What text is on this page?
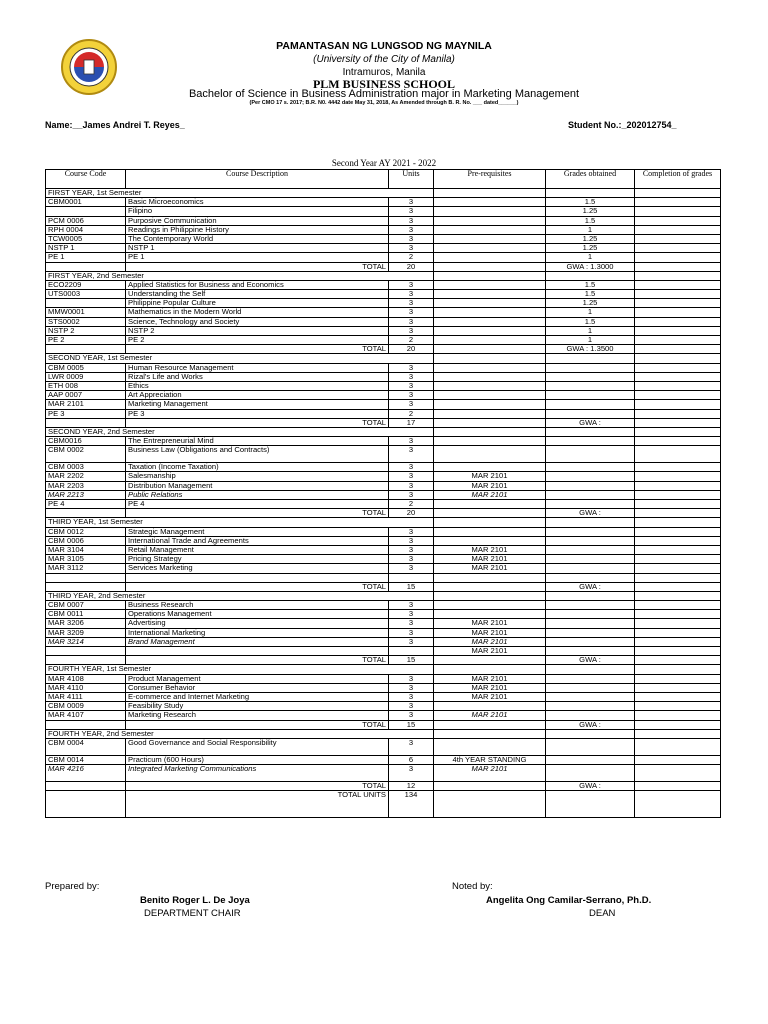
PAMANTASAN NG LUNGSOD NG MAYNILA
(University of the City of Manila)
Intramuros, Manila
PLM BUSINESS SCHOOL
Bachelor of Science in Business Administration major in Marketing Management
(Per CMO 17 s. 2017; B.R. N0. 4442 date May 31, 2018, As Amended through B. R. No. ___ dated______)
Name:__James Andrei T. Reyes_	Student No.:_202012754_
Second Year AY 2021 - 2022
Course Code	Course Description	Units	Pre-requisites	Grades obtained	Completion of grades
FIRST YEAR, 1st Semester					
CBM0001	Basic Microeconomics	3		1.5	
	Filipino	3		1.25	
PCM 0006	Purposive Communication	3		1.5	
RPH 0004	Readings in Philippine History	3		1	
TCW0005	The Contemporary World	3		1.25	
NSTP 1	NSTP 1	3		1.25	
PE 1	PE 1	2		1	
	TOTAL	20		GWA : 1.3000	
FIRST YEAR, 2nd Semester					
ECO2209	Applied Statistics for Business and Economics	3		1.5	
UTS0003	Understanding the Self	3		1.5	
	Philippine Popular Culture	3		1.25	
MMW0001	Mathematics in the Modern World	3		1	
STS0002	Science, Technology and Society	3		1.5	
NSTP 2	NSTP 2	3		1	
PE 2	PE 2	2		1	
	TOTAL	20		GWA : 1.3500	
SECOND YEAR, 1st Semester					
CBM 0005	Human Resource Management	3			
LWR 0009	Rizal's Life and Works	3			
ETH 008	Ethics	3			
AAP 0007	Art Appreciation	3			
MAR 2101	Marketing Management	3			
PE 3	PE 3	2			
	TOTAL	17		GWA :	
SECOND YEAR, 2nd Semester					
CBM0016	The Entrepreneurial Mind	3			
CBM 0002	Business Law (Obligations and Contracts)	3			
CBM 0003	Taxation (Income Taxation)	3			
MAR 2202	Salesmanship	3	MAR 2101		
MAR 2203	Distribution Management	3	MAR 2101		
MAR 2213	Public Relations	3	MAR 2101		
PE 4	PE 4	2			
	TOTAL	20		GWA :	
THIRD YEAR, 1st Semester					
CBM 0012	Strategic Management	3			
CBM 0006	International Trade and Agreements	3			
MAR 3104	Retail Management	3	MAR 2101		
MAR 3105	Pricing Strategy	3	MAR 2101		
MAR 3112	Services Marketing	3	MAR 2101		

	TOTAL	15		GWA :	
THIRD YEAR, 2nd Semester					
CBM 0007	Business Research	3			
CBM 0011	Operations Management	3			
MAR 3206	Advertising	3	MAR 2101		
MAR 3209	International Marketing	3	MAR 2101		
MAR 3214	Brand Management	3	MAR 2101		
			MAR 2101		
	TOTAL	15		GWA :	
FOURTH YEAR, 1st Semester					
MAR 4108	Product Management	3	MAR 2101		
MAR 4110	Consumer Behavior	3	MAR 2101		
MAR 4111	E-commerce and Internet Marketing	3	MAR 2101		
CBM 0009	Feasibility Study	3			
MAR 4107	Marketing Research	3	MAR 2101		
	TOTAL	15		GWA :	
FOURTH YEAR, 2nd Semester					
CBM 0004	Good Governance and Social Responsibility	3			
CBM 0014	Practicum (600 Hours)	6	4th YEAR STANDING		
MAR 4216	Integrated Marketing Communications	3	MAR 2101		
	TOTAL	12		GWA :	
	TOTAL UNITS	134			
Prepared by:
Benito Roger L. De Joya
DEPARTMENT CHAIR
Noted by:
Angelita Ong Camilar-Serrano, Ph.D.
DEAN
